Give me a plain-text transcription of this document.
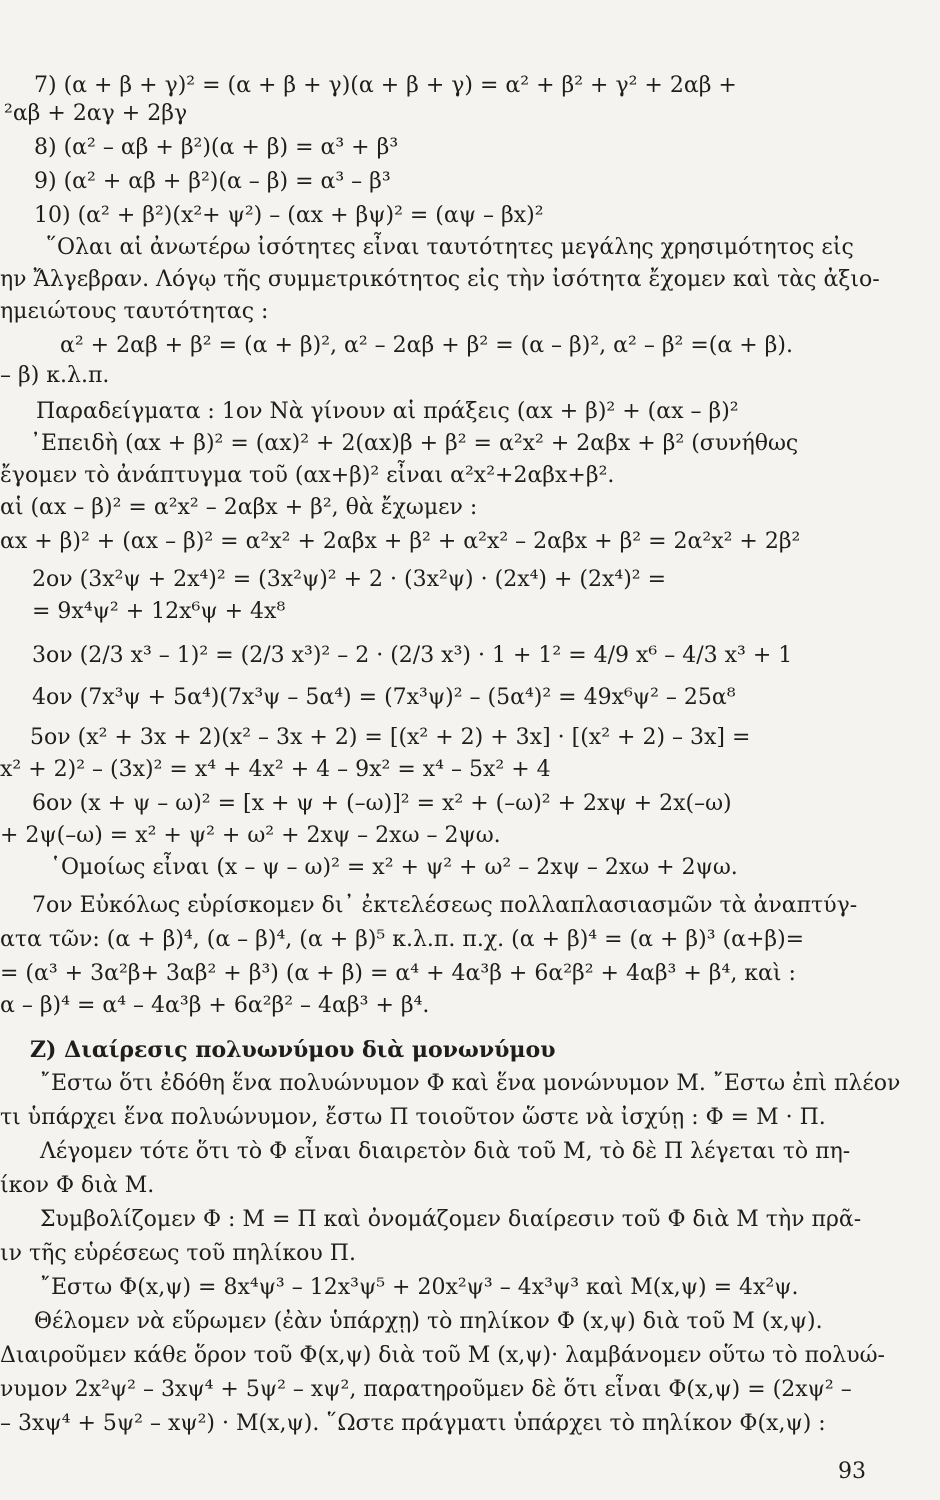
7) (α + β + γ)² = (α + β + γ)(α + β + γ) = α² + β² + γ² + 2αβ +
²αβ + 2αγ + 2βγ
8) (α² – αβ + β²)(α + β) = α³ + β³
9) (α² + αβ + β²)(α – β) = α³ – β³
10) (α² + β²)(x²+ ψ²) – (αx + βψ)² = (αψ – βx)²
῞Ολαι αἱ ἀνωτέρω ἰσότητες εἶναι ταυτότητες μεγάλης χρησιμότητος εἰς
ην Ἄλγεβραν. Λόγῳ τῆς συμμετρικότητος εἰς τὴν ἰσότητα ἔχομεν καὶ τὰς ἀξιο-
ημειώτους ταυτότητας :
α² + 2αβ + β² = (α + β)², α² – 2αβ + β² = (α – β)², α² – β² =(α + β).
– β) κ.λ.π.
Παραδείγματα : 1ον Νὰ γίνουν αἱ πράξεις (αx + β)² + (αx – β)²
᾿Επειδὴ (αx + β)² = (αx)² + 2(αx)β + β² = α²x² + 2αβx + β² (συνήθως
ἔγομεν τὸ ἀνάπτυγμα τοῦ (αx+β)² εἶναι α²x²+2αβx+β².
αἱ (αx – β)² = α²x² – 2αβx + β², θὰ ἔχωμεν :
αx + β)² + (αx – β)² = α²x² + 2αβx + β² + α²x² – 2αβx + β² = 2α²x² + 2β²
2ον (3x²ψ + 2x⁴)² = (3x²ψ)² + 2 · (3x²ψ) · (2x⁴) + (2x⁴)² =
= 9x⁴ψ² + 12x⁶ψ + 4x⁸
3ον (2/3 x³ – 1)² = (2/3 x³)² – 2 · (2/3 x³) · 1 + 1² = 4/9 x⁶ – 4/3 x³ + 1
4ον (7x³ψ + 5α⁴)(7x³ψ – 5α⁴) = (7x³ψ)² – (5α⁴)² = 49x⁶ψ² – 25α⁸
5ον (x² + 3x + 2)(x² – 3x + 2) = [(x² + 2) + 3x] · [(x² + 2) – 3x] =
x² + 2)² – (3x)² = x⁴ + 4x² + 4 – 9x² = x⁴ – 5x² + 4
6ον (x + ψ – ω)² = [x + ψ + (–ω)]² = x² + (–ω)² + 2xψ + 2x(–ω)
+ 2ψ(–ω) = x² + ψ² + ω² + 2xψ – 2xω – 2ψω.
῾Ομοίως εἶναι (x – ψ – ω)² = x² + ψ² + ω² – 2xψ – 2xω + 2ψω.
7ον Εὐκόλως εὑρίσκομεν δι᾿ ἐκτελέσεως πολλαπλασιασμῶν τὰ ἀναπτύγ-
ατα τῶν: (α + β)⁴, (α – β)⁴, (α + β)⁵ κ.λ.π. π.χ. (α + β)⁴ = (α + β)³ (α+β)=
= (α³ + 3α²β+ 3αβ² + β³) (α + β) = α⁴ + 4α³β + 6α²β² + 4αβ³ + β⁴, καὶ :
α – β)⁴ = α⁴ – 4α³β + 6α²β² – 4αβ³ + β⁴.
Ζ) Διαίρεσις πολυωνύμου διὰ μονωνύμου
῎Εστω ὅτι ἐδόθη ἕνα πολυώνυμον Φ καὶ ἕνα μονώνυμον Μ. ῎Εστω ἐπὶ πλέον
τι ὑπάρχει ἕνα πολυώνυμον, ἔστω Π τοιοῦτον ὥστε νὰ ἰσχύῃ : Φ = Μ · Π.
Λέγομεν τότε ὅτι τὸ Φ εἶναι διαιρετὸν διὰ τοῦ Μ, τὸ δὲ Π λέγεται τὸ πη-
ίκον Φ διὰ Μ.
Συμβολίζομεν Φ : Μ = Π καὶ ὀνομάζομεν διαίρεσιν τοῦ Φ διὰ Μ τὴν πρᾶ-
ιν τῆς εὑρέσεως τοῦ πηλίκου Π.
῎Εστω Φ(x,ψ) = 8x⁴ψ³ – 12x³ψ⁵ + 20x²ψ³ – 4x³ψ³ καὶ Μ(x,ψ) = 4x²ψ.
Θέλομεν νὰ εὕρωμεν (ἐὰν ὑπάρχῃ) τὸ πηλίκον Φ (x,ψ) διὰ τοῦ Μ (x,ψ).
Διαιροῦμεν κάθε ὅρον τοῦ Φ(x,ψ) διὰ τοῦ Μ (x,ψ)· λαμβάνομεν οὕτω τὸ πολυώ-
νυμον 2x²ψ² – 3xψ⁴ + 5ψ² – xψ², παρατηροῦμεν δὲ ὅτι εἶναι Φ(x,ψ) = (2xψ² –
– 3xψ⁴ + 5ψ² – xψ²) · Μ(x,ψ). ῞Ωστε πράγματι ὑπάρχει τὸ πηλίκον Φ(x,ψ) :
93
